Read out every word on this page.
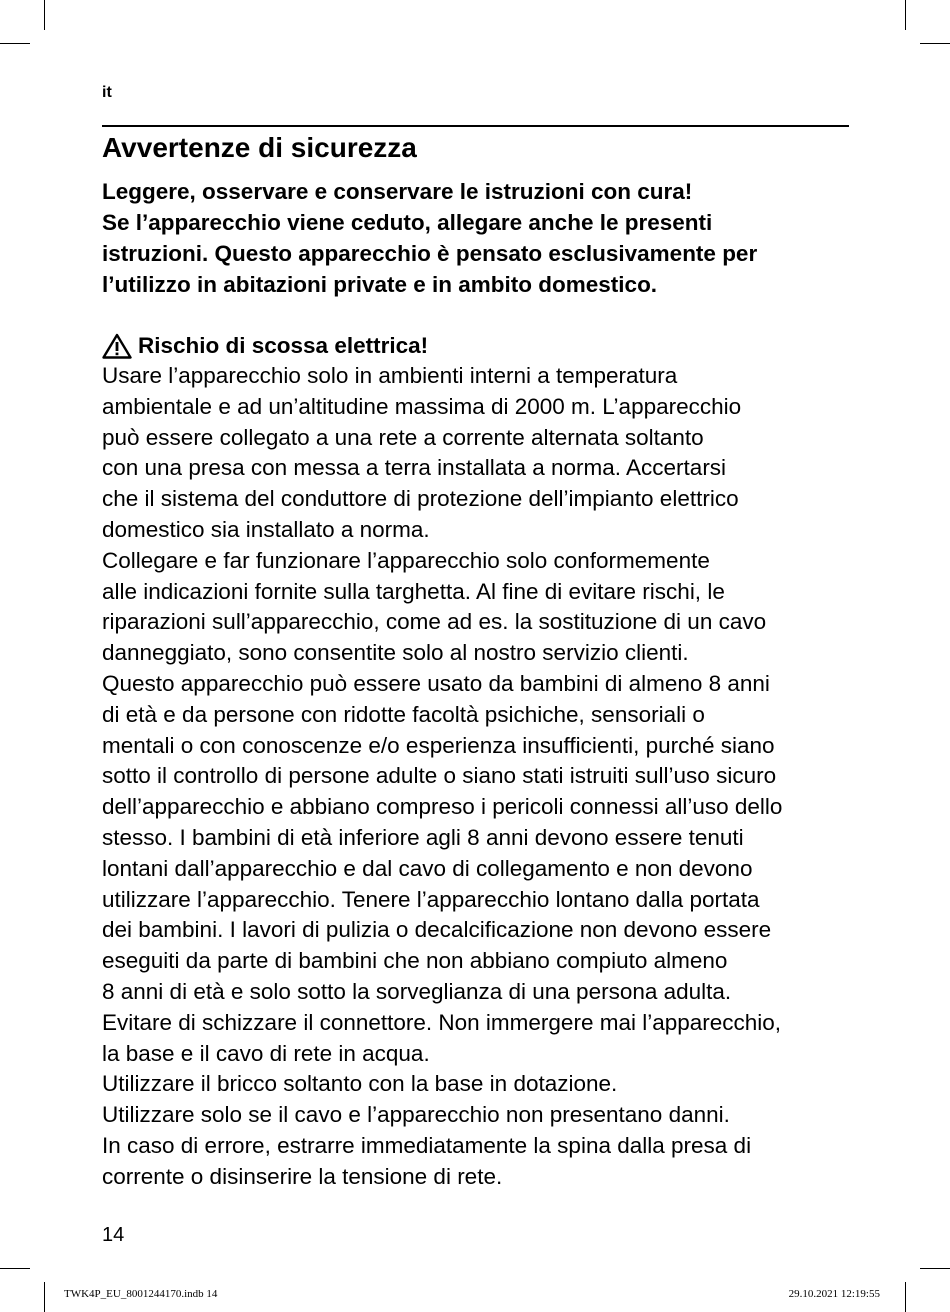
it
Avvertenze di sicurezza
Leggere, osservare e conservare le istruzioni con cura!
Se l’apparecchio viene ceduto, allegare anche le presenti
istruzioni. Questo apparecchio è pensato esclusivamente per
l’utilizzo in abitazioni private e in ambito domestico.
Rischio di scossa elettrica!
Usare l’apparecchio solo in ambienti interni a temperatura
ambientale e ad un’altitudine massima di 2000 m. L’apparecchio
può essere collegato a una rete a corrente alternata soltanto
con una presa con messa a terra installata a norma. Accertarsi
che il sistema del conduttore di protezione dell’impianto elettrico
domestico sia installato a norma.
Collegare e far funzionare l’apparecchio solo conformemente
alle indicazioni fornite sulla targhetta. Al fine di evitare rischi, le
riparazioni sull’apparecchio, come ad es. la sostituzione di un cavo
danneggiato, sono consentite solo al nostro servizio clienti.
Questo apparecchio può essere usato da bambini di almeno 8 anni
di età e da persone con ridotte facoltà psichiche, sensoriali o
mentali o con conoscenze e/o esperienza insufficienti, purché siano
sotto il controllo di persone adulte o siano stati istruiti sull’uso sicuro
dell’apparecchio e abbiano compreso i pericoli connessi all’uso dello
stesso. I bambini di età inferiore agli 8 anni devono essere tenuti
lontani dall’apparecchio e dal cavo di collegamento e non devono
utilizzare l’apparecchio. Tenere l’apparecchio lontano dalla portata
dei bambini. I lavori di pulizia o decalcificazione non devono essere
eseguiti da parte di bambini che non abbiano compiuto almeno
8 anni di età e solo sotto la sorveglianza di una persona adulta.
Evitare di schizzare il connettore. Non immergere mai l’apparecchio,
la base e il cavo di rete in acqua.
Utilizzare il bricco soltanto con la base in dotazione.
Utilizzare solo se il cavo e l’apparecchio non presentano danni.
In caso di errore, estrarre immediatamente la spina dalla presa di
corrente o disinserire la tensione di rete.
14
TWK4P_EU_8001244170.indb 14	29.10.2021 12:19:55
